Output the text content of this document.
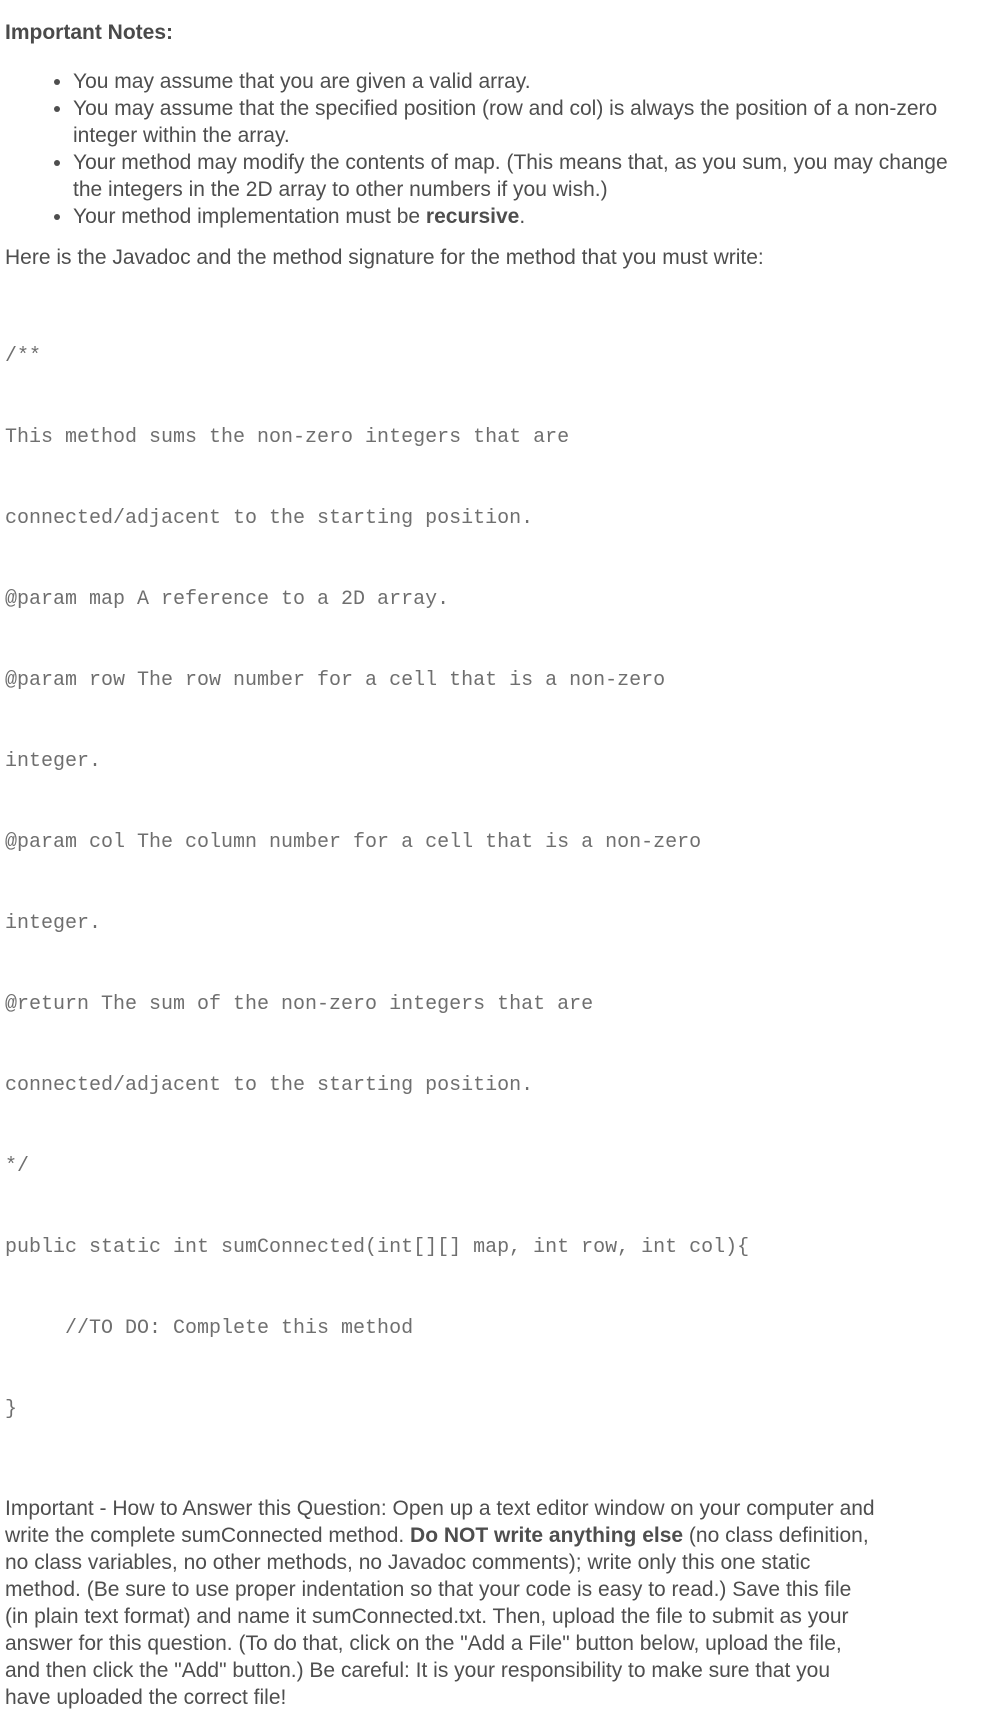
Important Notes:
• You may assume that you are given a valid array.
• You may assume that the specified position (row and col) is always the position of a non-zero integer within the array.
• Your method may modify the contents of map. (This means that, as you sum, you may change the integers in the 2D array to other numbers if you wish.)
• Your method implementation must be recursive.

Here is the Javadoc and the method signature for the method that you must write:

/**

This method sums the non-zero integers that are

connected/adjacent to the starting position.

@param map A reference to a 2D array.

@param row The row number for a cell that is a non-zero

integer.

@param col The column number for a cell that is a non-zero

integer.

@return The sum of the non-zero integers that are

connected/adjacent to the starting position.

*/

public static int sumConnected(int[][] map, int row, int col){

//TO DO: Complete this method

}

Important - How to Answer this Question: Open up a text editor window on your computer and write the complete sumConnected method. Do NOT write anything else (no class definition, no class variables, no other methods, no Javadoc comments); write only this one static method. (Be sure to use proper indentation so that your code is easy to read.) Save this file (in plain text format) and name it sumConnected.txt. Then, upload the file to submit as your answer for this question. (To do that, click on the "Add a File" button below, upload the file, and then click the "Add" button.) Be careful: It is your responsibility to make sure that you have uploaded the correct file!
